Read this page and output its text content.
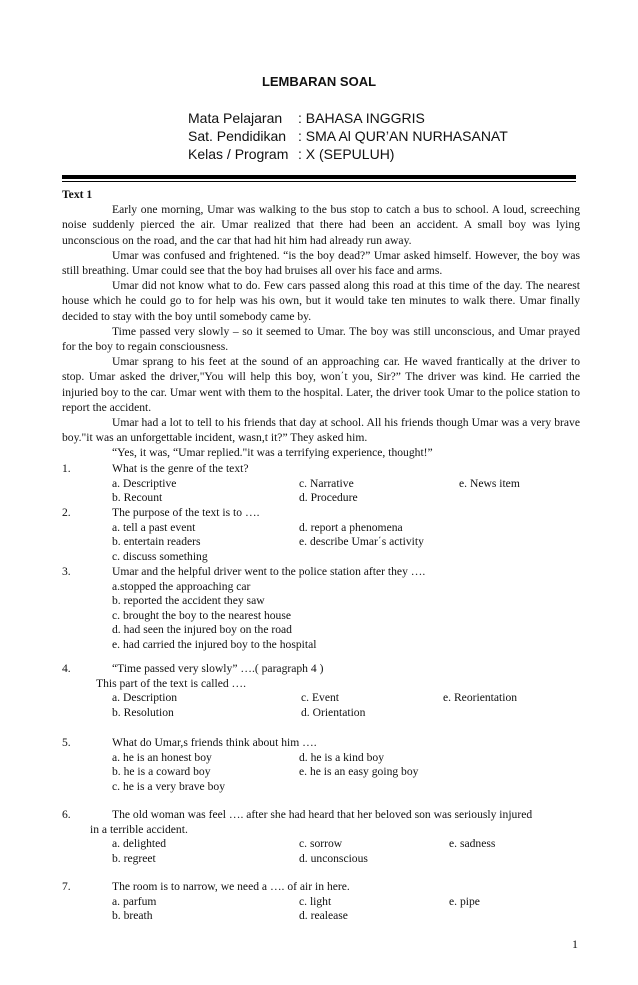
LEMBARAN SOAL
Mata Pelajaran : BAHASA INGGRIS
Sat. Pendidikan : SMA Al QUR’AN NURHASANAT
Kelas / Program : X (SEPULUH)
Text 1

Early one morning, Umar was walking to the bus stop to catch a bus to school. A loud, screeching noise suddenly pierced the air. Umar realized that there had been an accident. A small boy was lying unconscious on the road, and the car that had hit him had already run away.

Umar was confused and frightened. “is the boy dead?” Umar asked himself. However, the boy was still breathing. Umar could see that the boy had bruises all over his face and arms.

Umar did not know what to do. Few cars passed along this road at this time of the day. The nearest house which he could go to for help was his own, but it would take ten minutes to walk there. Umar finally decided to stay with the boy until somebody came by.

Time passed very slowly – so it seemed to Umar. The boy was still unconscious, and Umar prayed for the boy to regain consciousness.

Umar sprang to his feet at the sound of an approaching car. He waved frantically at the driver to stop. Umar asked the driver,"You will help this boy, won΄t you, Sir?” The driver was kind. He carried the injuried boy to the car. Umar went with them to the hospital. Later, the driver took Umar to the police station to report the accident.

Umar had a lot to tell to his friends that day at school. All his friends though Umar was a very brave boy."it was an unforgettable incident, wasn,t it?” They asked him.

“Yes, it was, “Umar replied."it was a terrifying experience, thought!”

1.	What is the genre of the text?
a. Descriptive	c. Narrative	e. News item
b. Recount	d. Procedure
2.	The purpose of the text is to ….
a. tell a past event	d. report a phenomena
b. entertain readers	e. describe Umar΄s activity
c. discuss something
3.	Umar and the helpful driver went to the police station after they ….
a.stopped the approaching car
b. reported the accident they saw
c. brought the boy to the nearest house
d. had seen the injured boy on the road
e. had carried the injured boy to the hospital
4.	“Time passed very slowly” ….( paragraph 4 )
This part of the text is called ….
a. Description	c. Event	e. Reorientation
b. Resolution	d. Orientation
5.	What do Umar,s friends think about him ….
a. he is an honest boy	d. he is a kind boy
b. he is a coward boy	e. he is an easy going boy
c. he is a very brave boy
6.	The old woman was feel …. after she had heard that her beloved son was seriously injured
in a terrible accident.
a. delighted	c. sorrow	e. sadness
b. regreet	d. unconscious
7.	The room is to narrow, we need a …. of air in here.
a. parfum	c. light	e. pipe
b. breath	d. realease
1
